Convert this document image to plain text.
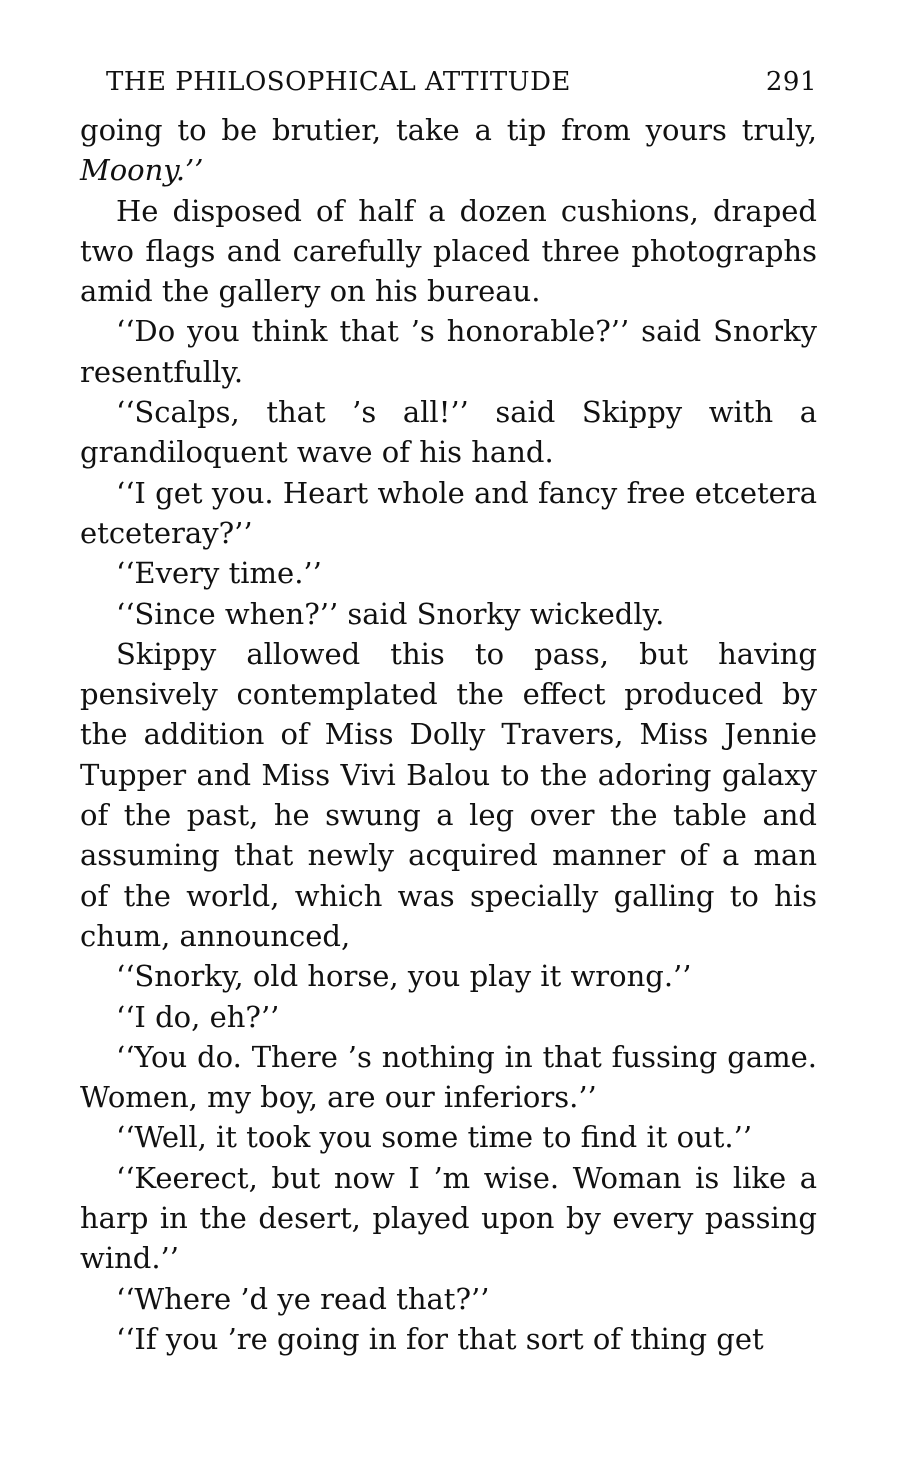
THE PHILOSOPHICAL ATTITUDE	291

going to be brutier, take a tip from yours truly, Moony.’’

He disposed of half a dozen cushions, draped two flags and carefully placed three photographs amid the gallery on his bureau.

‘‘Do you think that ’s honorable?’’ said Snorky resentfully.

‘‘Scalps, that ’s all!’’ said Skippy with a grandiloquent wave of his hand.

‘‘I get you. Heart whole and fancy free etcetera etceteray?’’

‘‘Every time.’’

‘‘Since when?’’ said Snorky wickedly.

Skippy allowed this to pass, but having pensively contemplated the effect produced by the addition of Miss Dolly Travers, Miss Jennie Tupper and Miss Vivi Balou to the adoring galaxy of the past, he swung a leg over the table and assuming that newly acquired manner of a man of the world, which was specially galling to his chum, announced,

‘‘Snorky, old horse, you play it wrong.’’

‘‘I do, eh?’’

‘‘You do. There ’s nothing in that fussing game. Women, my boy, are our inferiors.’’

‘‘Well, it took you some time to find it out.’’

‘‘Keerect, but now I ’m wise. Woman is like a harp in the desert, played upon by every passing wind.’’

‘‘Where ’d ye read that?’’

‘‘If you ’re going in for that sort of thing get
